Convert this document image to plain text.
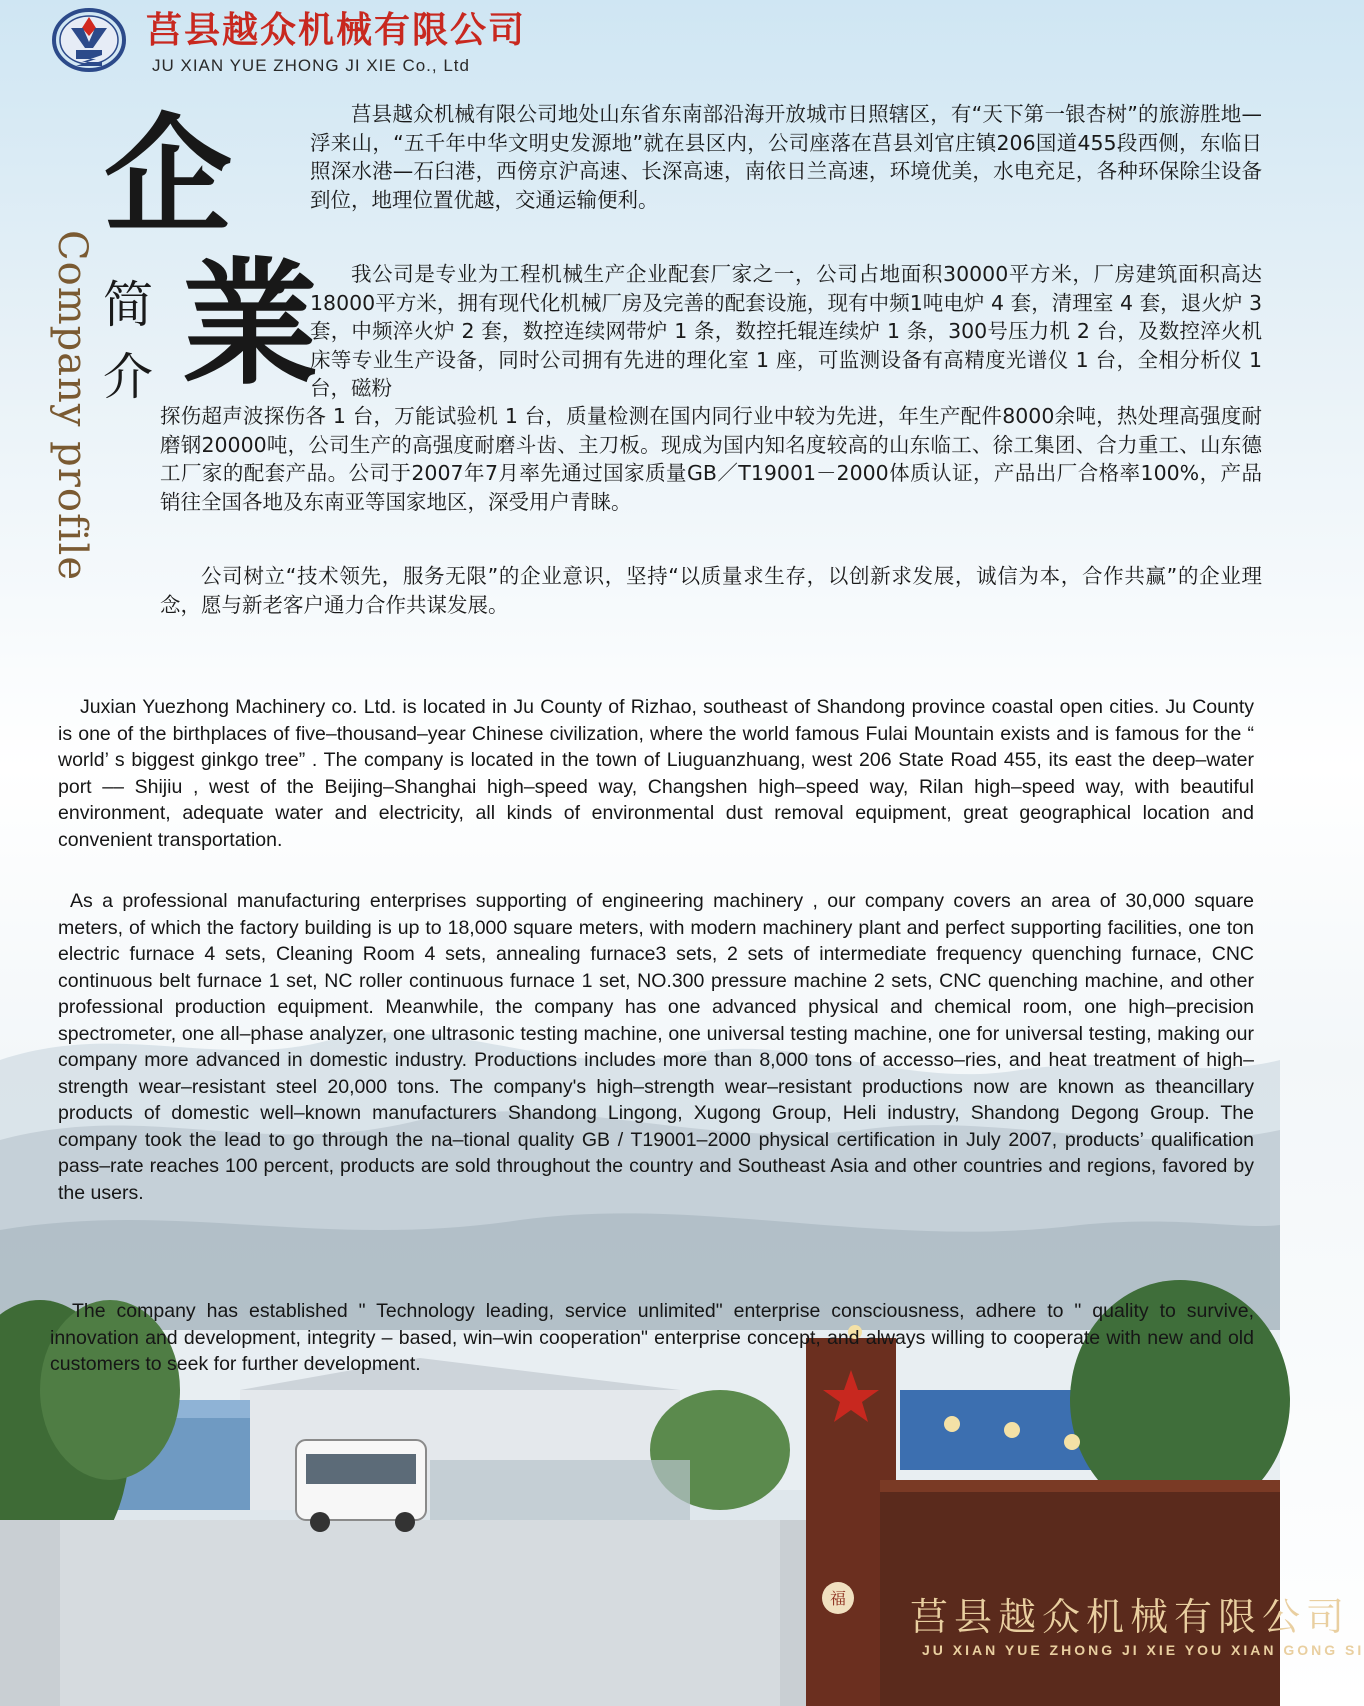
福
莒县越众机械有限公司
JU XIAN YUE ZHONG JI XIE Co., Ltd
企
業
简
介
Company profile

莒县越众机械有限公司地处山东省东南部沿海开放城市日照辖区，有“天下第一银杏树”的旅游胜地—浮来山，“五千年中华文明史发源地”就在县区内，公司座落在莒县刘官庄镇206国道455段西侧，东临日照深水港—石臼港，西傍京沪高速、长深高速，南依日兰高速，环境优美，水电充足，各种环保除尘设备到位，地理位置优越，交通运输便利。

我公司是专业为工程机械生产企业配套厂家之一，公司占地面积30000平方米，厂房建筑面积高达18000平方米，拥有现代化机械厂房及完善的配套设施，现有中频1吨电炉 4 套，清理室 4 套，退火炉 3 套，中频淬火炉 2 套，数控连续网带炉 1 条，数控托辊连续炉 1 条，300号压力机 2 台，及数控淬火机床等专业生产设备，同时公司拥有先进的理化室 1 座，可监测设备有高精度光谱仪 1 台，全相分析仪 1 台，磁粉

探伤超声波探伤各 1 台，万能试验机 1 台，质量检测在国内同行业中较为先进，年生产配件8000余吨，热处理高强度耐磨钢20000吨，公司生产的高强度耐磨斗齿、主刀板。现成为国内知名度较高的山东临工、徐工集团、合力重工、山东德工厂家的配套产品。公司于2007年7月率先通过国家质量GB／T19001－2000体质认证，产品出厂合格率100%，产品销往全国各地及东南亚等国家地区，深受用户青睐。

公司树立“技术领先，服务无限”的企业意识，坚持“以质量求生存，以创新求发展，诚信为本，合作共赢”的企业理念，愿与新老客户通力合作共谋发展。

Juxian Yuezhong Machinery co. Ltd. is located in Ju County of Rizhao, southeast of Shandong province coastal open cities. Ju County is one of the birthplaces of five–thousand–year Chinese civilization, where the world famous Fulai Mountain exists and is famous for the “ world’ s biggest ginkgo tree” . The company is located in the town of Liuguanzhuang, west 206 State Road 455, its east the deep–water port –– Shijiu , west of the Beijing–Shanghai high–speed way, Changshen high–speed way, Rilan high–speed way, with beautiful environment, adequate water and electricity, all kinds of environmental dust removal equipment, great geographical location and convenient transportation.

As a professional manufacturing enterprises supporting of engineering machinery , our company covers an area of 30,000 square meters, of which the factory building is up to 18,000 square meters, with modern machinery plant and perfect supporting facilities, one ton electric furnace 4 sets, Cleaning Room 4 sets, annealing furnace3 sets, 2 sets of intermediate frequency quenching furnace, CNC continuous belt furnace 1 set, NC roller continuous furnace 1 set, NO.300 pressure machine 2 sets, CNC quenching machine, and other professional production equipment. Meanwhile, the company has one advanced physical and chemical room, one high–precision spectrometer, one all–phase analyzer, one ultrasonic testing machine, one universal testing machine, one for universal testing, making our company more advanced in domestic industry. Productions includes more than 8,000 tons of accesso–ries, and heat treatment of high–strength wear–resistant steel 20,000 tons. The company's high–strength wear–resistant productions now are known as theancillary products of domestic well–known manufacturers Shandong Lingong, Xugong Group, Heli industry, Shandong Degong Group. The company took the lead to go through the na–tional quality GB / T19001–2000 physical certification in July 2007, products’ qualification pass–rate reaches 100 percent, products are sold throughout the country and Southeast Asia and other countries and regions, favored by the users.

The company has established " Technology leading, service unlimited" enterprise consciousness, adhere to " quality to survive, innovation and development, integrity – based, win–win cooperation" enterprise concept, and always willing to cooperate with new and old customers to seek for further development.

莒县越众机械有限公司
JU XIAN YUE ZHONG JI XIE YOU XIAN GONG SI
